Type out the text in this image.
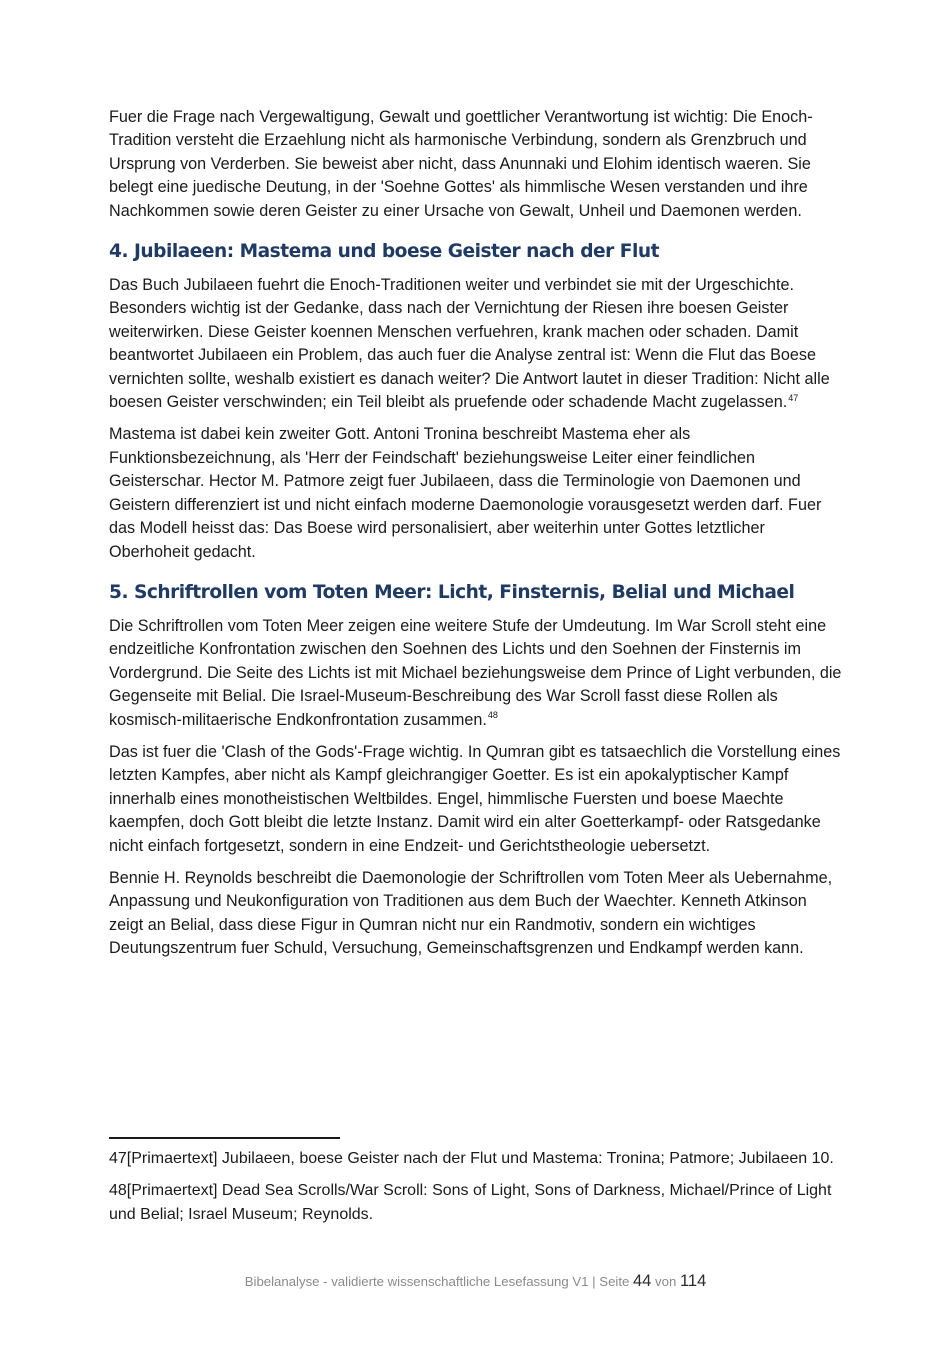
Fuer die Frage nach Vergewaltigung, Gewalt und goettlicher Verantwortung ist wichtig: Die Enoch-Tradition versteht die Erzaehlung nicht als harmonische Verbindung, sondern als Grenzbruch und Ursprung von Verderben. Sie beweist aber nicht, dass Anunnaki und Elohim identisch waeren. Sie belegt eine juedische Deutung, in der 'Soehne Gottes' als himmlische Wesen verstanden und ihre Nachkommen sowie deren Geister zu einer Ursache von Gewalt, Unheil und Daemonen werden.

4. Jubilaeen: Mastema und boese Geister nach der Flut

Das Buch Jubilaeen fuehrt die Enoch-Traditionen weiter und verbindet sie mit der Urgeschichte. Besonders wichtig ist der Gedanke, dass nach der Vernichtung der Riesen ihre boesen Geister weiterwirken. Diese Geister koennen Menschen verfuehren, krank machen oder schaden. Damit beantwortet Jubilaeen ein Problem, das auch fuer die Analyse zentral ist: Wenn die Flut das Boese vernichten sollte, weshalb existiert es danach weiter? Die Antwort lautet in dieser Tradition: Nicht alle boesen Geister verschwinden; ein Teil bleibt als pruefende oder schadende Macht zugelassen.$^{47}$

Mastema ist dabei kein zweiter Gott. Antoni Tronina beschreibt Mastema eher als Funktionsbezeichnung, als 'Herr der Feindschaft' beziehungsweise Leiter einer feindlichen Geisterschar. Hector M. Patmore zeigt fuer Jubilaeen, dass die Terminologie von Daemonen und Geistern differenziert ist und nicht einfach moderne Daemonologie vorausgesetzt werden darf. Fuer das Modell heisst das: Das Boese wird personalisiert, aber weiterhin unter Gottes letztlicher Oberhoheit gedacht.

5. Schriftrollen vom Toten Meer: Licht, Finsternis, Belial und Michael

Die Schriftrollen vom Toten Meer zeigen eine weitere Stufe der Umdeutung. Im War Scroll steht eine endzeitliche Konfrontation zwischen den Soehnen des Lichts und den Soehnen der Finsternis im Vordergrund. Die Seite des Lichts ist mit Michael beziehungsweise dem Prince of Light verbunden, die Gegenseite mit Belial. Die Israel-Museum-Beschreibung des War Scroll fasst diese Rollen als kosmisch-militaerische Endkonfrontation zusammen.$^{48}$

Das ist fuer die 'Clash of the Gods'-Frage wichtig. In Qumran gibt es tatsaechlich die Vorstellung eines letzten Kampfes, aber nicht als Kampf gleichrangiger Goetter. Es ist ein apokalyptischer Kampf innerhalb eines monotheistischen Weltbildes. Engel, himmlische Fuersten und boese Maechte kaempfen, doch Gott bleibt die letzte Instanz. Damit wird ein alter Goetterkampf- oder Ratsgedanke nicht einfach fortgesetzt, sondern in eine Endzeit- und Gerichtstheologie uebersetzt.

Bennie H. Reynolds beschreibt die Daemonologie der Schriftrollen vom Toten Meer als Uebernahme, Anpassung und Neukonfiguration von Traditionen aus dem Buch der Waechter. Kenneth Atkinson zeigt an Belial, dass diese Figur in Qumran nicht nur ein Randmotiv, sondern ein wichtiges Deutungszentrum fuer Schuld, Versuchung, Gemeinschaftsgrenzen und Endkampf werden kann.

47[Primaertext] Jubilaeen, boese Geister nach der Flut und Mastema: Tronina; Patmore; Jubilaeen 10.

48[Primaertext] Dead Sea Scrolls/War Scroll: Sons of Light, Sons of Darkness, Michael/Prince of Light und Belial; Israel Museum; Reynolds.

Bibelanalyse - validierte wissenschaftliche Lesefassung V1 | Seite 44 von 114
